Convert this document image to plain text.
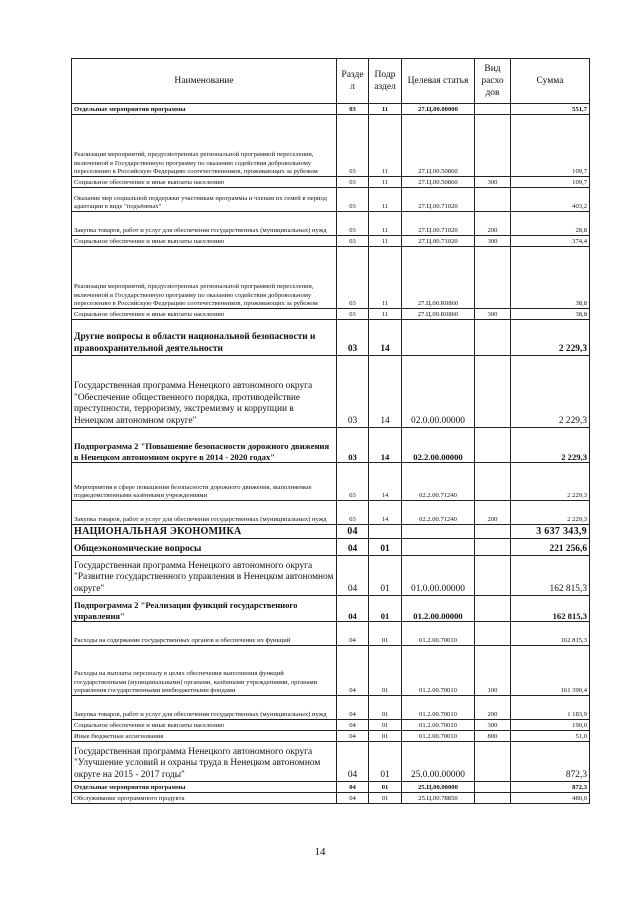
Наименование	Разде л	Подр аздел	Целевая статья	Вид расхо дов	Сумма
Отдельные мероприятия программы	03	11	27.Ц.00.00000		551,7
Реализация мероприятий, предусмотренных региональной программой переселения, включенной в Государственную программу по оказанию содействия добровольному переселению в Российскую Федерацию соотечественников, проживающих за рубежом	03	11	27.Ц.00.50860		109,7
Социальное обеспечение и иные выплаты населению	03	11	27.Ц.00.50860	300	109,7
Оказание мер социальной поддержки участникам программы и членам их семей в период адаптации в виде "подъёмных"	03	11	27.Ц.00.71020		403,2
Закупка товаров, работ и услуг для обеспечения государственных (муниципальных) нужд	03	11	27.Ц.00.71020	200	28,8
Социальное обеспечение и иные выплаты населению	03	11	27.Ц.00.71020	300	374,4
Реализация мероприятий, предусмотренных региональной программой переселения, включенной в Государственную программу по оказанию содействия добровольному переселению в Российскую Федерацию соотечественников, проживающих за рубежом	03	11	27.Ц.00.R0860		38,8
Социальное обеспечение и иные выплаты населению	03	11	27.Ц.00.R0860	300	38,8
Другие вопросы в области национальной безопасности и правоохранительной деятельности	03	14			2 229,3
Государственная программа Ненецкого автономного округа "Обеспечение общественного порядка, противодействие преступности, терроризму, экстремизму и коррупции в Ненецком автономном округе"	03	14	02.0.00.00000		2 229,3
Подпрограмма 2 "Повышение безопасности дорожного движения в Ненецком автономном округе в 2014 - 2020 годах"	03	14	02.2.00.00000		2 229,3
Мероприятия в сфере повышения безопасности дорожного движения, выполняемые подведомственными казёнными учреждениями	03	14	02.2.00.71240		2 229,3
Закупка товаров, работ и услуг для обеспечения государственных (муниципальных) нужд	03	14	02.2.00.71240	200	2 229,3
НАЦИОНАЛЬНАЯ ЭКОНОМИКА	04				3 637 343,9
Общеэкономические вопросы	04	01			221 256,6
Государственная программа Ненецкого автономного округа "Развитие государственного управления в Ненецком автономном округе"	04	01	01.0.00.00000		162 815,3
Подпрограмма 2 "Реализация функций государственного управления"	04	01	01.2.00.00000		162 815,3
Расходы на содержание государственных органов и обеспечение их функций	04	01	01.2.00.70010		162 815,3
Расходы на выплаты персоналу в целях обеспечения выполнения функций государственными (муниципальными) органами, казёнными учреждениями, органами управления государственными внебюджетными фондами	04	01	01.2.00.70010	100	161 390,4
Закупка товаров, работ и услуг для обеспечения государственных (муниципальных) нужд	04	01	01.2.00.70010	200	1 183,9
Социальное обеспечение и иные выплаты населению	04	01	01.2.00.70010	300	190,0
Иные бюджетные ассигнования	04	01	01.2.00.70010	800	51,0
Государственная программа Ненецкого автономного округа "Улучшение условий и охраны труда в Ненецком автономном округе на 2015 - 2017 годы"	04	01	25.0.00.00000		872,3
Отдельные мероприятия программы	04	01	25.Ц.00.00000		872,3
Обслуживание программного продукта	04	01	25.Ц.00.78850		480,0
14
